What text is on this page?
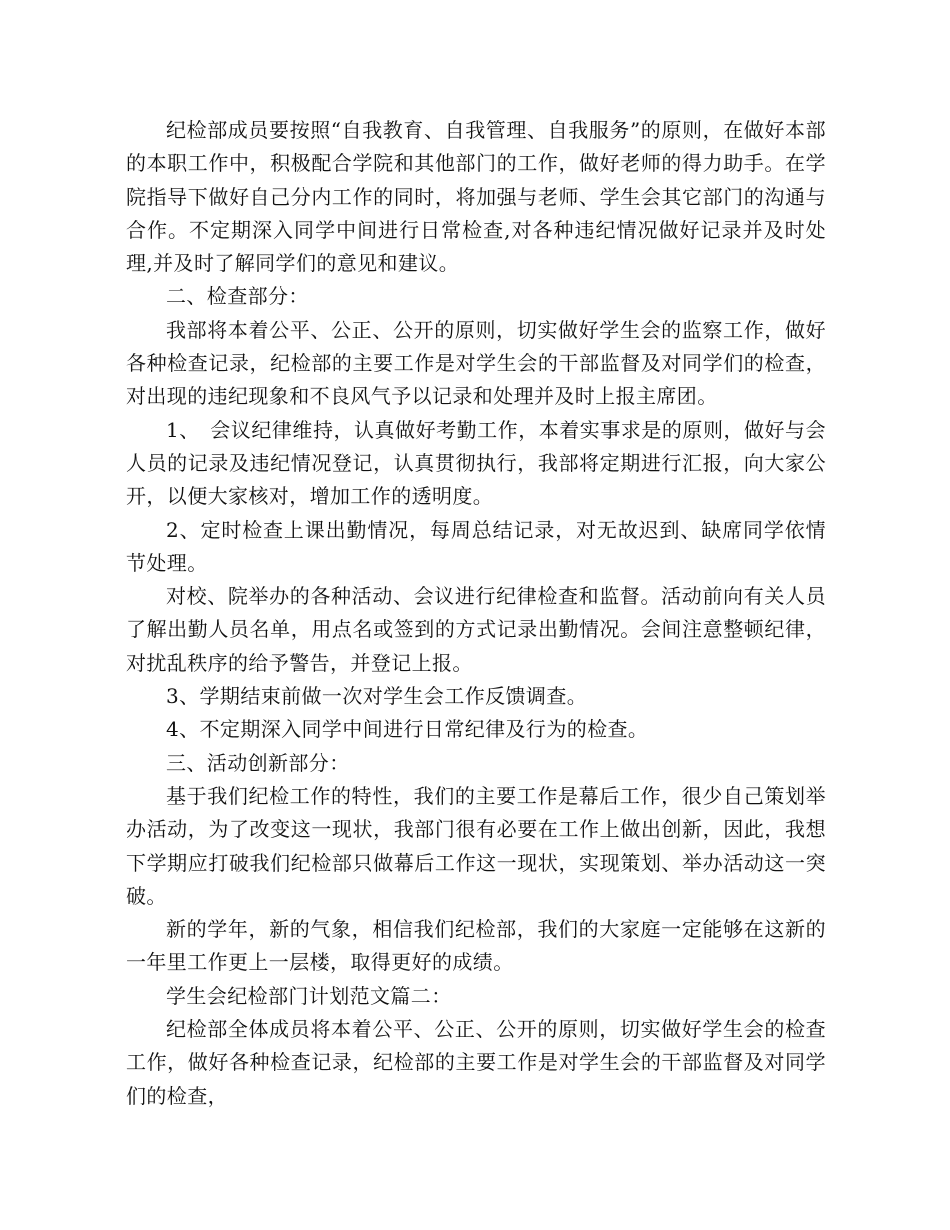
纪检部成员要按照“自我教育、自我管理、自我服务”的原则，在做好本部的本职工作中，积极配合学院和其他部门的工作，做好老师的得力助手。在学院指导下做好自己分内工作的同时，将加强与老师、学生会其它部门的沟通与合作。不定期深入同学中间进行日常检查,对各种违纪情况做好记录并及时处理,并及时了解同学们的意见和建议。

二、检查部分：

我部将本着公平、公正、公开的原则，切实做好学生会的监察工作，做好各种检查记录，纪检部的主要工作是对学生会的干部监督及对同学们的检查，对出现的违纪现象和不良风气予以记录和处理并及时上报主席团。

1、　会议纪律维持，认真做好考勤工作，本着实事求是的原则，做好与会人员的记录及违纪情况登记，认真贯彻执行，我部将定期进行汇报，向大家公开，以便大家核对，增加工作的透明度。

2、定时检查上课出勤情况，每周总结记录，对无故迟到、缺席同学依情节处理。

对校、院举办的各种活动、会议进行纪律检查和监督。活动前向有关人员了解出勤人员名单，用点名或签到的方式记录出勤情况。会间注意整顿纪律，对扰乱秩序的给予警告，并登记上报。

3、学期结束前做一次对学生会工作反馈调查。

4、不定期深入同学中间进行日常纪律及行为的检查。

三、活动创新部分：

基于我们纪检工作的特性，我们的主要工作是幕后工作，很少自己策划举办活动，为了改变这一现状，我部门很有必要在工作上做出创新，因此，我想下学期应打破我们纪检部只做幕后工作这一现状，实现策划、举办活动这一突破。

新的学年，新的气象，相信我们纪检部，我们的大家庭一定能够在这新的一年里工作更上一层楼，取得更好的成绩。

学生会纪检部门计划范文篇二：

纪检部全体成员将本着公平、公正、公开的原则，切实做好学生会的检查工作，做好各种检查记录，纪检部的主要工作是对学生会的干部监督及对同学们的检查，
